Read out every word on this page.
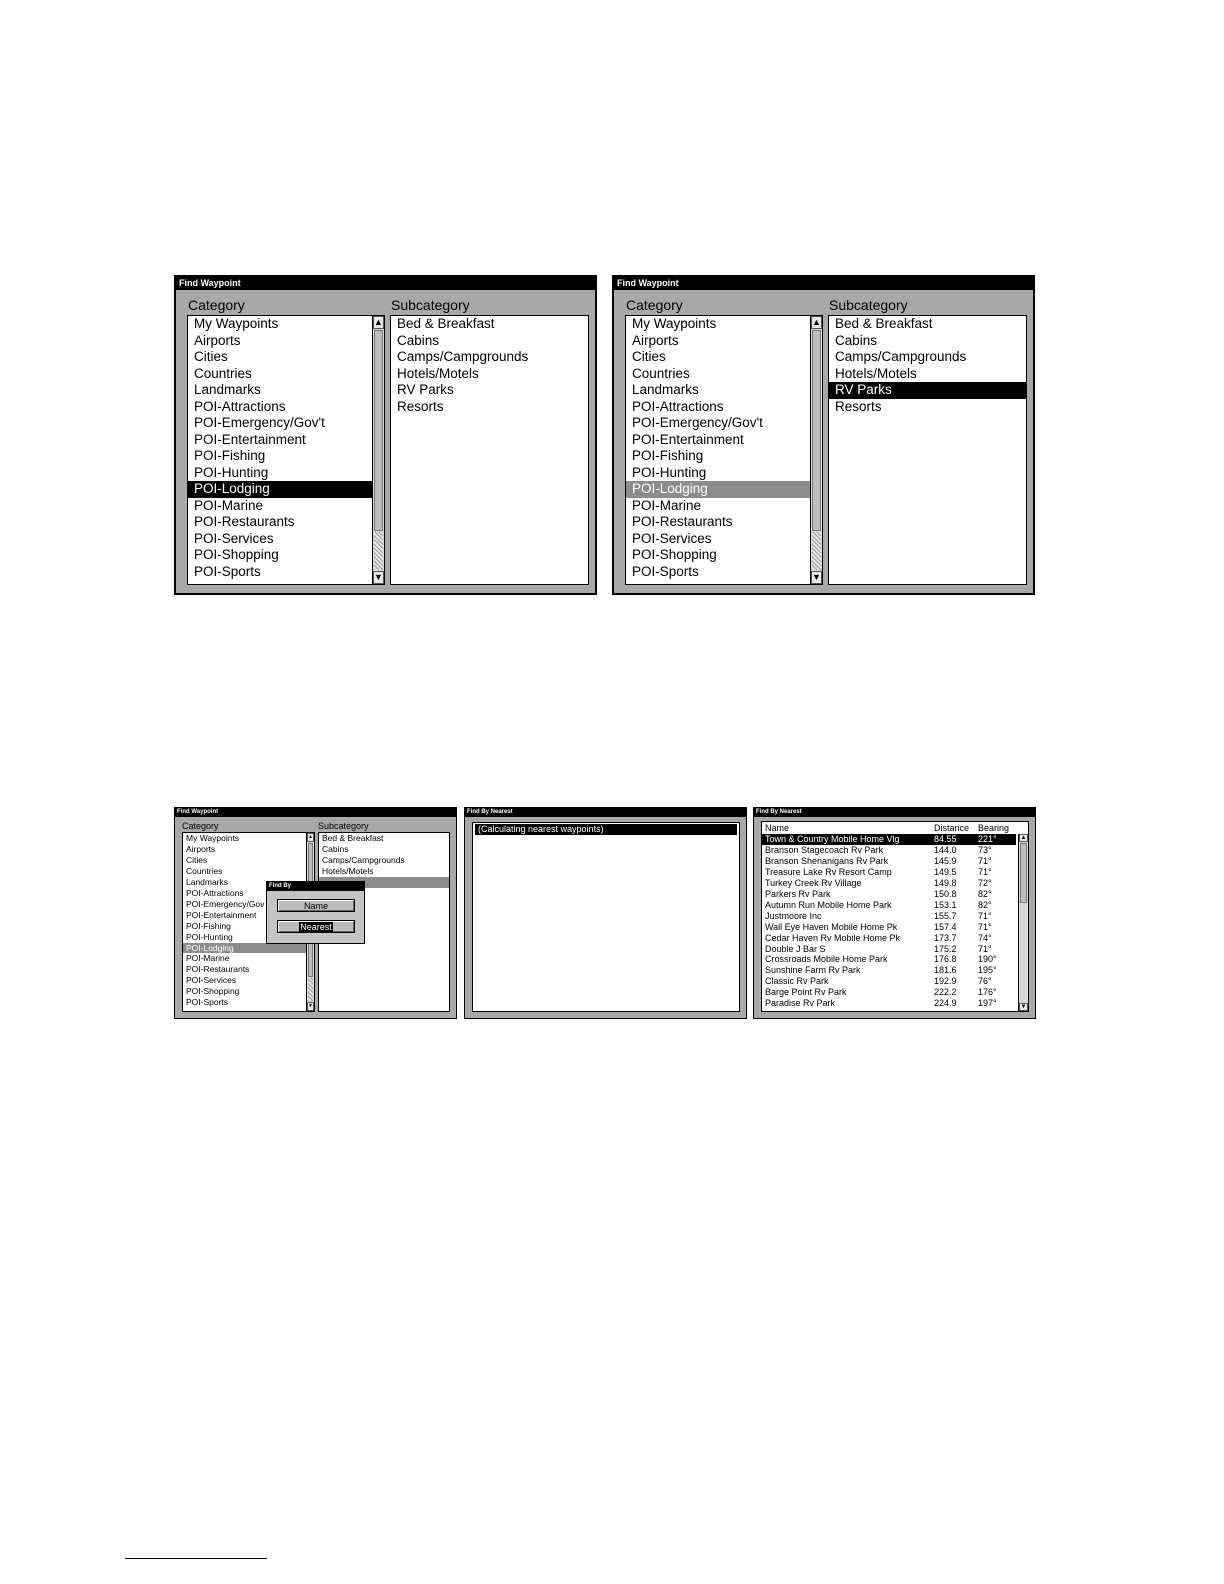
Find Waypoint
Category	Subcategory
My Waypoints
Airports
Cities
Countries
Landmarks
POI-Attractions
POI-Emergency/Gov't
POI-Entertainment
POI-Fishing
POI-Hunting
POI-Lodging
POI-Marine
POI-Restaurants
POI-Services
POI-Shopping
POI-Sports
▲
▼
Bed & Breakfast
Cabins
Camps/Campgrounds
Hotels/Motels
RV Parks
Resorts
Find Waypoint
Category	Subcategory
My Waypoints
Airports
Cities
Countries
Landmarks
POI-Attractions
POI-Emergency/Gov't
POI-Entertainment
POI-Fishing
POI-Hunting
POI-Lodging
POI-Marine
POI-Restaurants
POI-Services
POI-Shopping
POI-Sports
▲
▼
Bed & Breakfast
Cabins
Camps/Campgrounds
Hotels/Motels
RV Parks
Resorts
Find Waypoint
Category	Subcategory
My Waypoints
Airports
Cities
Countries
Landmarks
POI-Attractions
POI-Emergency/Gov
POI-Entertainment
POI-Fishing
POI-Hunting
POI-Lodging
POI-Marine
POI-Restaurants
POI-Services
POI-Shopping
POI-Sports
▲
▼
Bed & Breakfast
Cabins
Camps/Campgrounds
Hotels/Motels
Find By
Name
Nearest
Find By Nearest
(Calculating nearest waypoints)
Find By Nearest
Name	Distance Bearing
Town & Country Mobile Home Vlg	84.55 221°
Branson Stagecoach Rv Park	144.0 73°
Branson Shenanigans Rv Park	145.9 71°
Treasure Lake Rv Resort Camp	149.5 71°
Turkey Creek Rv Village	149.8 72°
Parkers Rv Park	150.8 82°
Autumn Run Mobile Home Park	153.1 82°
Justmoore Inc	155.7 71°
Wall Eye Haven Mobile Home Pk	157.4 71°
Cedar Haven Rv Mobile Home Pk	173.7 74°
Double J Bar S	175.2 71°
Crossroads Mobile Home Park	176.8 190°
Sunshine Farm Rv Park	181.6 195°
Classic Rv Park	192.9 76°
Barge Point Rv Park	222.2 176°
Paradise Rv Park	224.9 197°
▲
▼
